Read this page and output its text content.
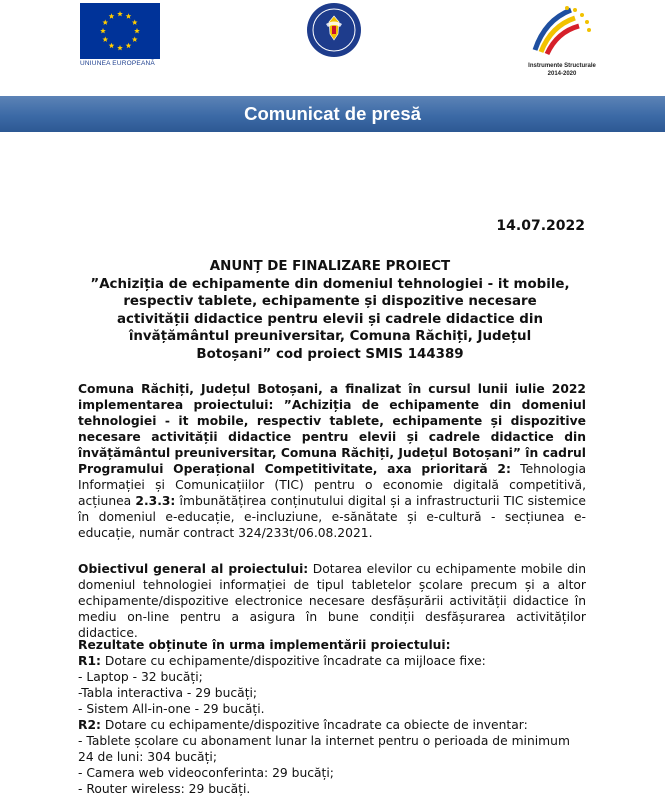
UNIUNEA EUROPEANĂ	Instrumente Structurale
2014-2020
Comunicat de presă
14.07.2022
ANUNȚ DE FINALIZARE PROIECT
”Achiziția de echipamente din domeniul tehnologiei - it mobile, respectiv tablete, echipamente și dispozitive necesare activității didactice pentru elevii și cadrele didactice din învățământul preuniversitar, Comuna Răchiți, Județul Botoșani” cod proiect SMIS 144389
Comuna Răchiți, Județul Botoșani, a finalizat în cursul lunii iulie 2022 implementarea proiectului: ”Achiziția de echipamente din domeniul tehnologiei - it mobile, respectiv tablete, echipamente și dispozitive necesare activității didactice pentru elevii și cadrele didactice din învățământul preuniversitar, Comuna Răchiți, Județul Botoșani” în cadrul Programului Operațional Competitivitate, axa prioritară 2: Tehnologia Informației și Comunicațiilor (TIC) pentru o economie digitală competitivă, acțiunea 2.3.3: îmbunătățirea conținutului digital și a infrastructurii TIC sistemice în domeniul e-educație, e-incluziune, e-sănătate și e-cultură - secțiunea e-educație, număr contract 324/233t/06.08.2021.
Obiectivul general al proiectului: Dotarea elevilor cu echipamente mobile din domeniul tehnologiei informației de tipul tabletelor școlare precum și a altor echipamente/dispozitive electronice necesare desfășurării activității didactice în mediu on-line pentru a asigura în bune condiții desfășurarea activităților didactice.
Rezultate obținute în urma implementării proiectului:
R1: Dotare cu echipamente/dispozitive încadrate ca mijloace fixe:
- Laptop - 32 bucăți;
-Tabla interactiva - 29 bucăți;
- Sistem All-in-one - 29 bucăți.
R2: Dotare cu echipamente/dispozitive încadrate ca obiecte de inventar:
- Tablete școlare cu abonament lunar la internet pentru o perioada de minimum 24 de luni: 304 bucăți;
- Camera web videoconferinta: 29 bucăți;
- Router wireless: 29 bucăți.
